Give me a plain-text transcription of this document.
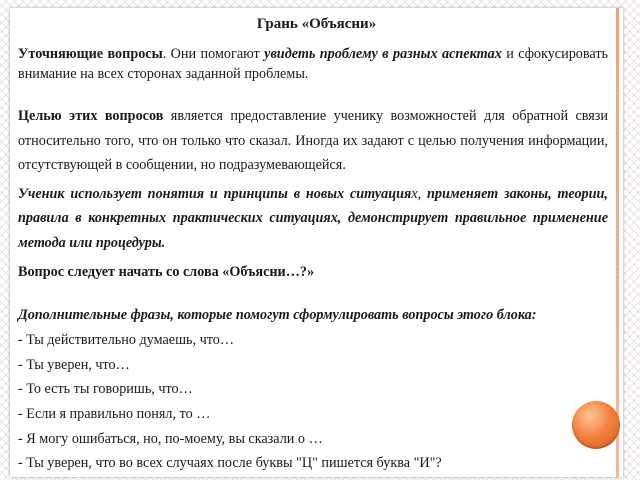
Грань «Объясни»

Уточняющие вопросы. Они помогают увидеть проблему в разных аспектах и сфокусировать внимание на всех сторонах заданной проблемы.

Целью этих вопросов является предоставление ученику возможностей для обратной связи относительно того, что он только что сказал. Иногда их задают с целью получения информации, отсутствующей в сообщении, но подразумевающейся.

Ученик использует понятия и принципы в новых ситуациях, применяет законы, теории, правила в конкретных практических ситуациях, демонстрирует правильное применение метода или процедуры.

Вопрос следует начать со слова «Объясни…?»

Дополнительные фразы, которые помогут сформулировать вопросы этого блока:

- Ты действительно думаешь, что…
- Ты уверен, что…
- То есть ты говоришь, что…
- Если я правильно понял, то …
- Я могу ошибаться, но, по-моему, вы сказали о …
- Ты уверен, что во всех случаях после буквы "Ц" пишется буква "И"?
